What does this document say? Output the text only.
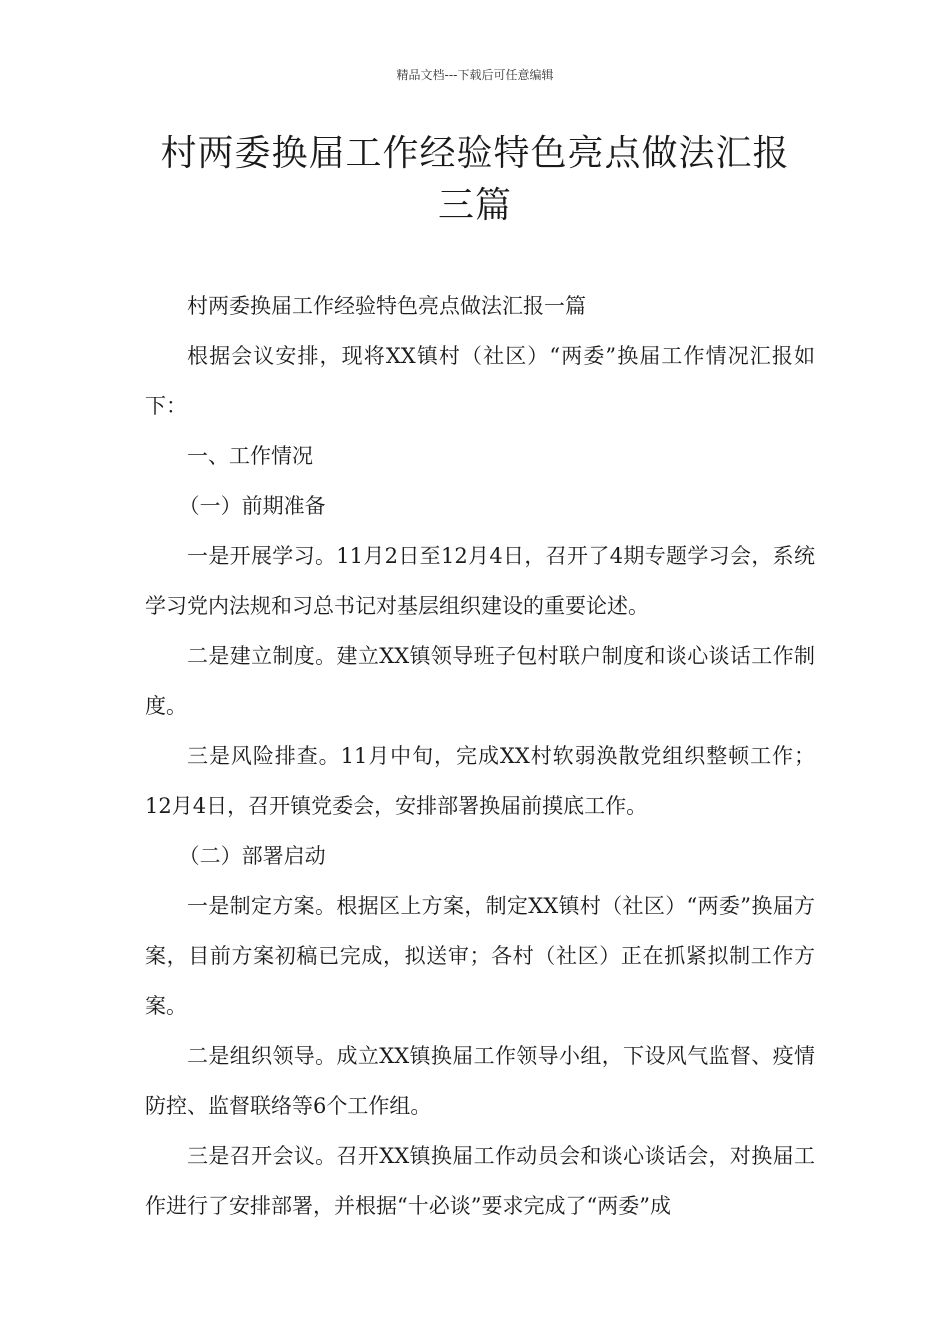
精品文档---下载后可任意编辑
村两委换届工作经验特色亮点做法汇报
三篇

村两委换届工作经验特色亮点做法汇报一篇

根据会议安排，现将XX镇村（社区）“两委”换届工作情况汇报如下：

一、工作情况

（一）前期准备

一是开展学习。11月2日至12月4日，召开了4期专题学习会，系统学习党内法规和习总书记对基层组织建设的重要论述。

二是建立制度。建立XX镇领导班子包村联户制度和谈心谈话工作制度。

三是风险排查。11月中旬，完成XX村软弱涣散党组织整顿工作；12月4日，召开镇党委会，安排部署换届前摸底工作。

（二）部署启动

一是制定方案。根据区上方案，制定XX镇村（社区）“两委”换届方案，目前方案初稿已完成，拟送审；各村（社区）正在抓紧拟制工作方案。

二是组织领导。成立XX镇换届工作领导小组，下设风气监督、疫情防控、监督联络等6个工作组。

三是召开会议。召开XX镇换届工作动员会和谈心谈话会，对换届工作进行了安排部署，并根据“十必谈”要求完成了“两委”成
